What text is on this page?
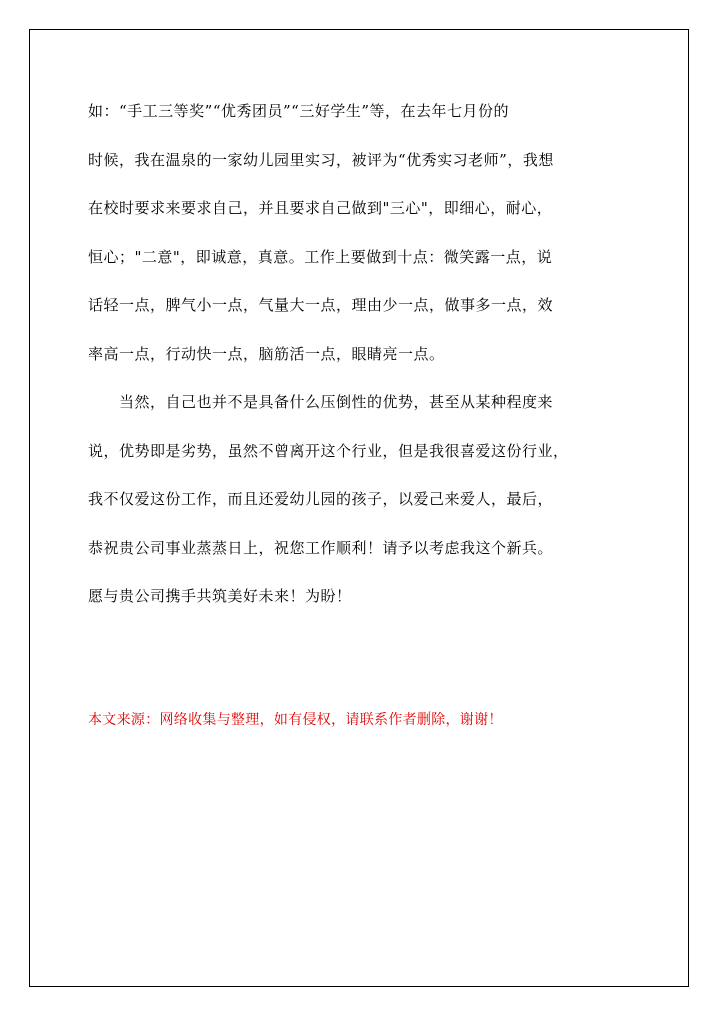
如：“手工三等奖”“优秀团员”“三好学生”等，在去年七月份的
时候，我在温泉的一家幼儿园里实习，被评为“优秀实习老师”，我想
在校时要求来要求自己，并且要求自己做到"三心"，即细心，耐心，
恒心；"二意"，即诚意，真意。工作上要做到十点：微笑露一点，说
话轻一点，脾气小一点，气量大一点，理由少一点，做事多一点，效
率高一点，行动快一点，脑筋活一点，眼睛亮一点。
　　当然，自己也并不是具备什么压倒性的优势，甚至从某种程度来
说，优势即是劣势，虽然不曾离开这个行业，但是我很喜爱这份行业，
我不仅爱这份工作，而且还爱幼儿园的孩子，以爱己来爱人，最后，
恭祝贵公司事业蒸蒸日上，祝您工作顺利！请予以考虑我这个新兵。
愿与贵公司携手共筑美好未来！为盼！
本文来源：网络收集与整理，如有侵权，请联系作者删除，谢谢！
